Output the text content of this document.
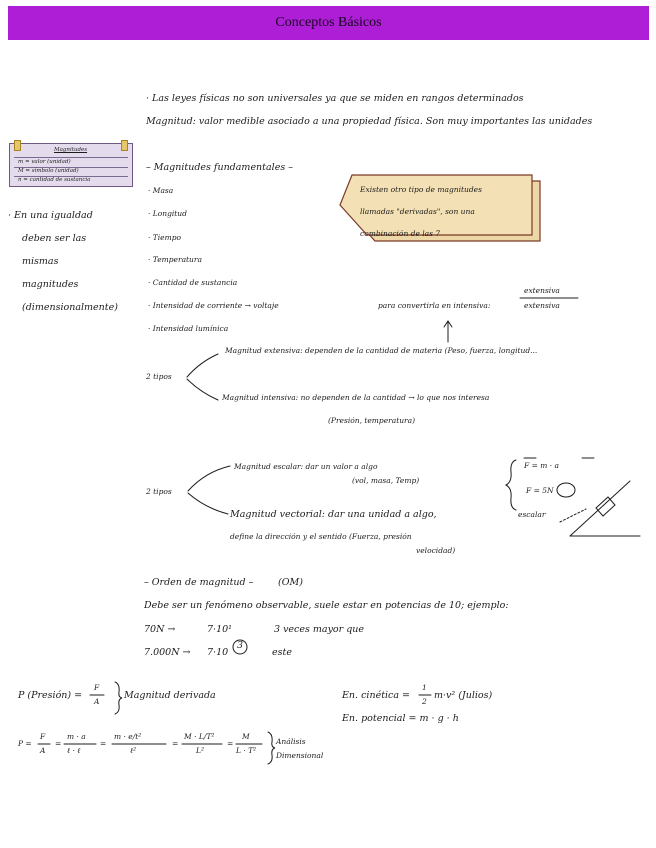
Conceptos Básicos
· Las leyes físicas no son universales ya que se miden en rangos determinados
Magnitud: valor medible asociado a una propiedad física. Son muy importantes las unidades
Magnitudes
m = valor (unidad)
M = símbolo (unidad)
n = cantidad de sustancia
· En una igualdad
deben ser las
mismas
magnitudes
(dimensionalmente)
– Magnitudes fundamentales –
· Masa
· Longitud
· Tiempo
· Temperatura
· Cantidad de sustancia
· Intensidad de corriente → voltaje
· Intensidad lumínica
Existen otro tipo de magnitudes
llamadas "derivadas", son una
combinación de las 7
para convertirla en intensiva:
extensiva
extensiva
2 tipos
Magnitud extensiva: dependen de la cantidad de materia (Peso, fuerza, longitud...
Magnitud intensiva: no dependen de la cantidad → lo que nos interesa
(Presión, temperatura)
2 tipos
Magnitud escalar: dar un valor a algo
(vol, masa, Temp)
Magnitud vectorial: dar una unidad a algo,
define la dirección y el sentido (Fuerza, presión
velocidad)
F = m · a
F = 5N
escalar
– Orden de magnitud –	(OM)
Debe ser un fenómeno observable, suele estar en potencias de 10; ejemplo:
70N →	7·10¹	3 veces mayor que
7.000N → 7·10
3
este
P (Presión) =
F
A
Magnitud derivada	En. cinética =
1
2
m·v² (Julios)
En. potencial = m · g · h
P =
F
A
=
m · a
ℓ · ℓ
=
m · e/t²
ℓ²
=
M · L/T²
L²
=
M
L · T²
Análisis
Dimensional
